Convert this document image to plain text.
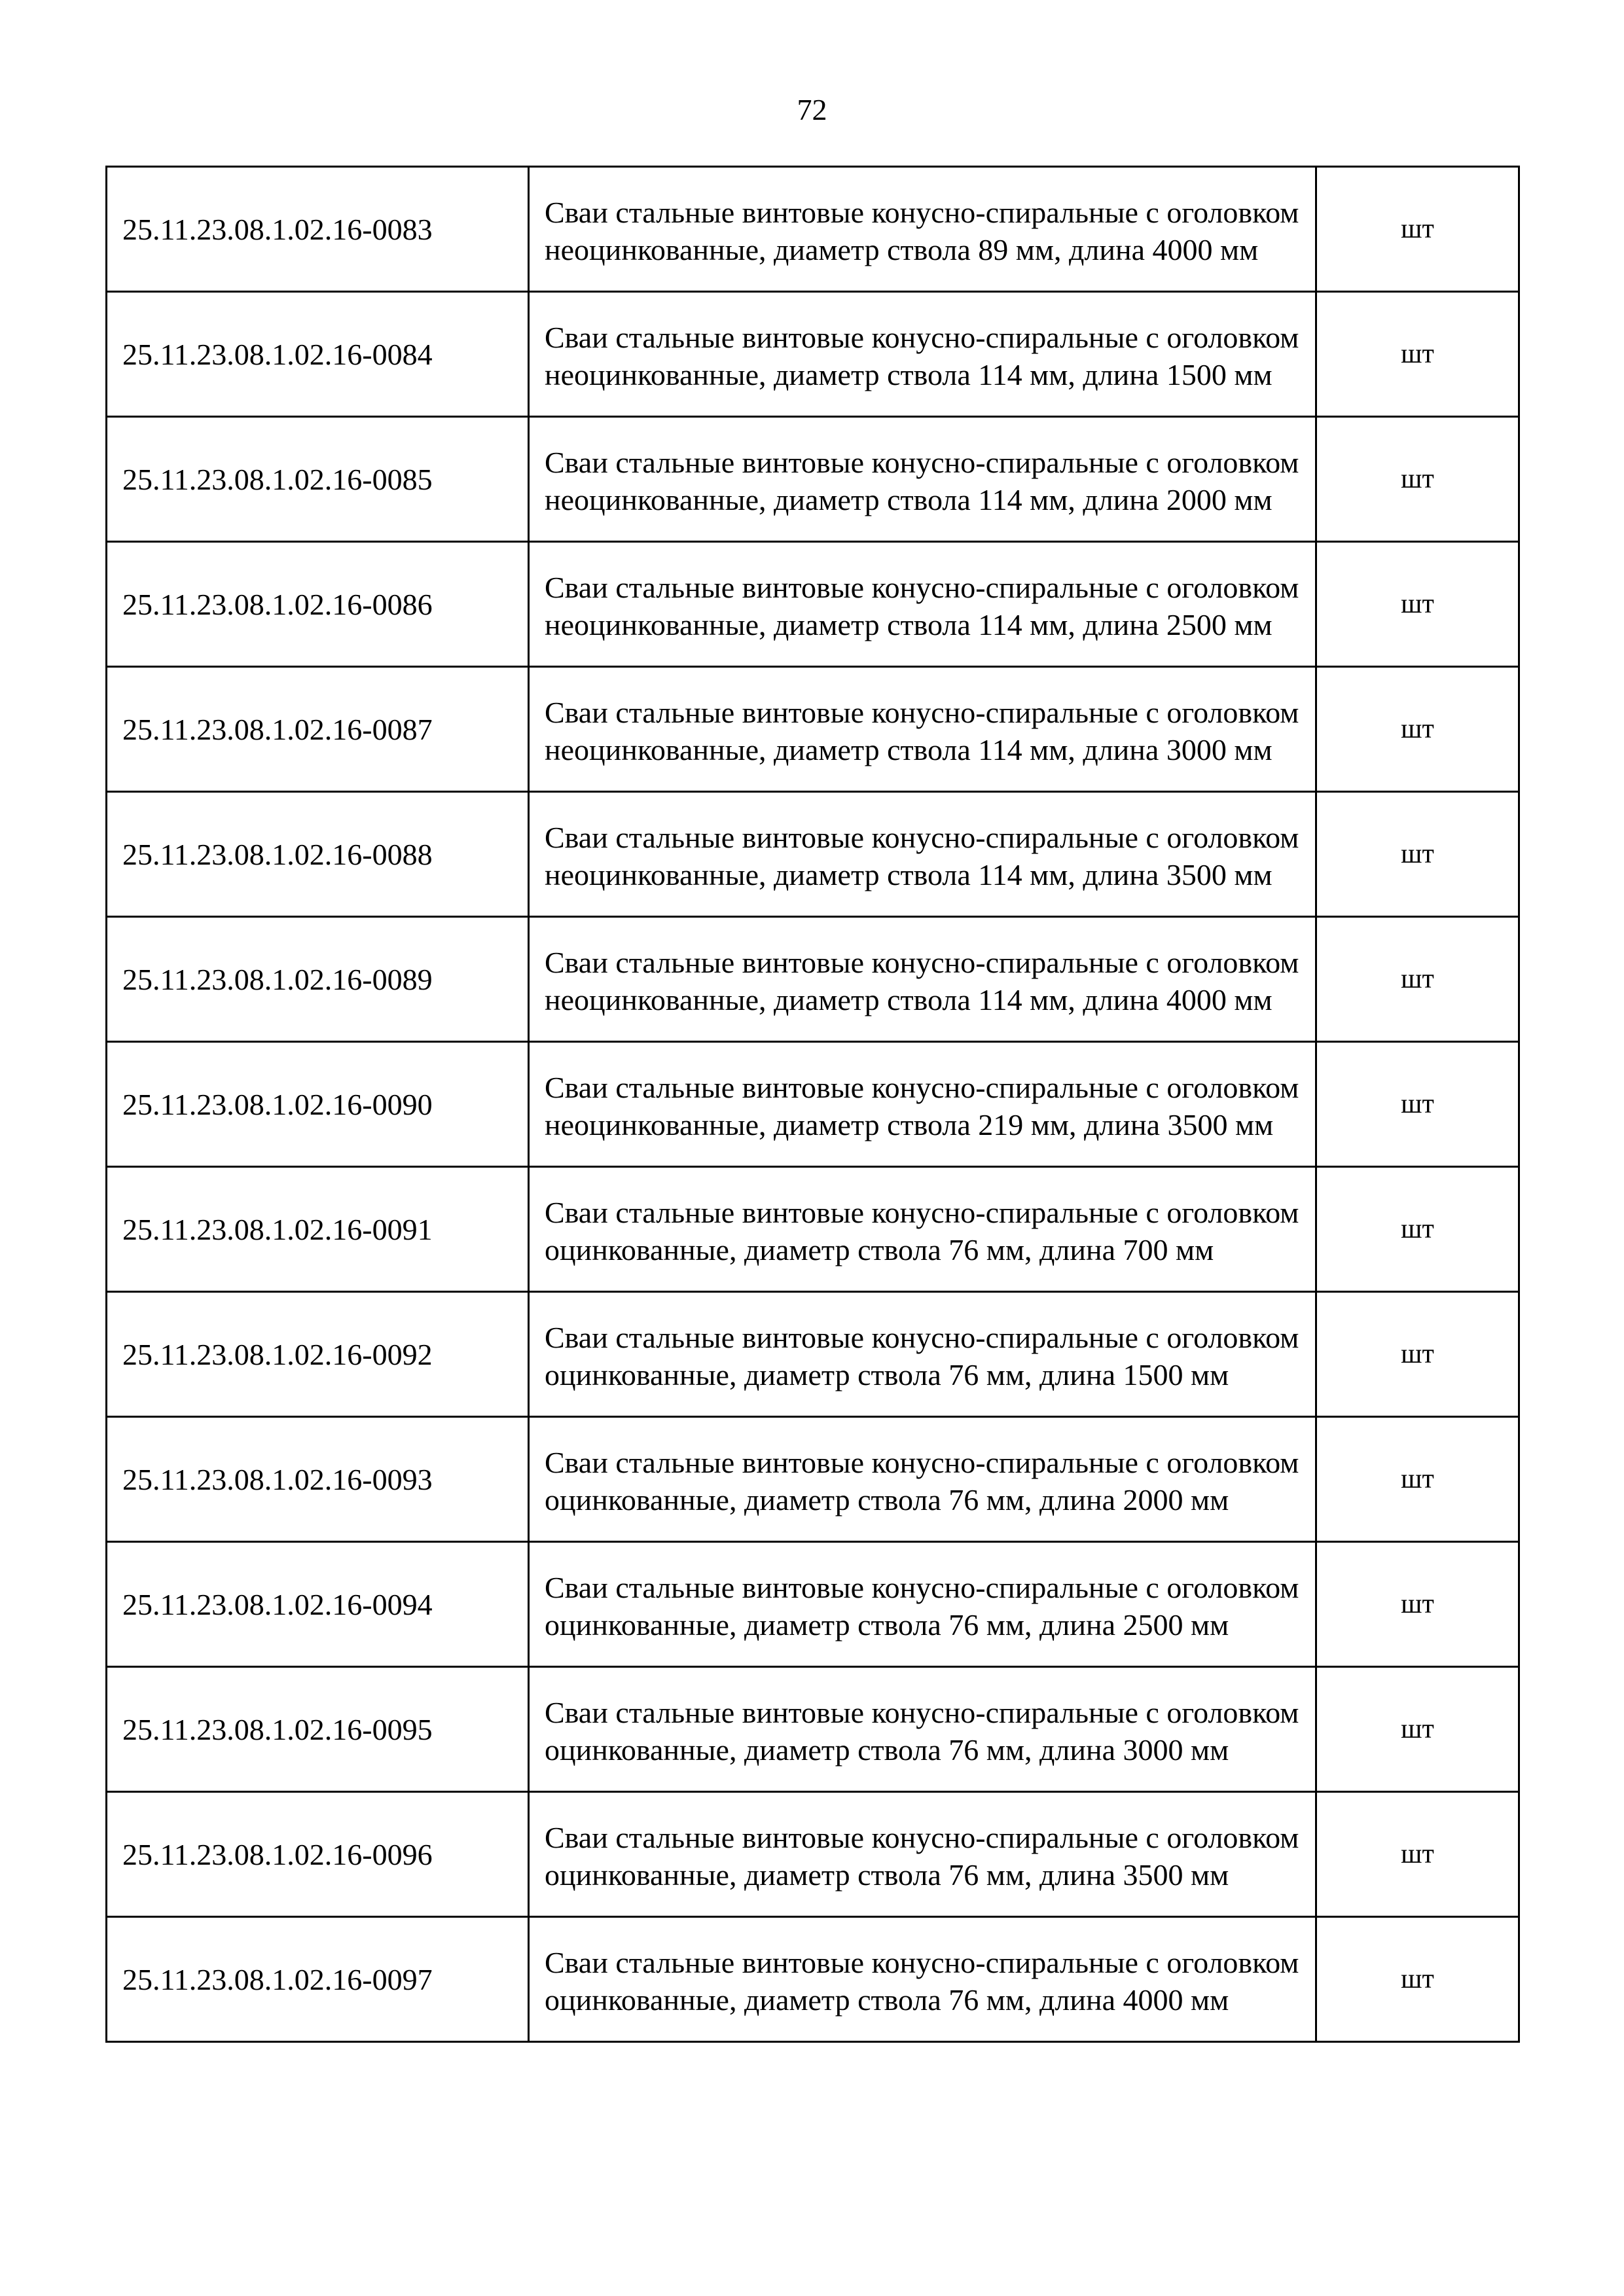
72
25.11.23.08.1.02.16-0083	Сваи стальные винтовые конусно-спиральные с оголовком неоцинкованные, диаметр ствола 89 мм, длина 4000 мм	шт
25.11.23.08.1.02.16-0084	Сваи стальные винтовые конусно-спиральные с оголовком неоцинкованные, диаметр ствола 114 мм, длина 1500 мм	шт
25.11.23.08.1.02.16-0085	Сваи стальные винтовые конусно-спиральные с оголовком неоцинкованные, диаметр ствола 114 мм, длина 2000 мм	шт
25.11.23.08.1.02.16-0086	Сваи стальные винтовые конусно-спиральные с оголовком неоцинкованные, диаметр ствола 114 мм, длина 2500 мм	шт
25.11.23.08.1.02.16-0087	Сваи стальные винтовые конусно-спиральные с оголовком неоцинкованные, диаметр ствола 114 мм, длина 3000 мм	шт
25.11.23.08.1.02.16-0088	Сваи стальные винтовые конусно-спиральные с оголовком неоцинкованные, диаметр ствола 114 мм, длина 3500 мм	шт
25.11.23.08.1.02.16-0089	Сваи стальные винтовые конусно-спиральные с оголовком неоцинкованные, диаметр ствола 114 мм, длина 4000 мм	шт
25.11.23.08.1.02.16-0090	Сваи стальные винтовые конусно-спиральные с оголовком неоцинкованные, диаметр ствола 219 мм, длина 3500 мм	шт
25.11.23.08.1.02.16-0091	Сваи стальные винтовые конусно-спиральные с оголовком оцинкованные, диаметр ствола 76 мм, длина 700 мм	шт
25.11.23.08.1.02.16-0092	Сваи стальные винтовые конусно-спиральные с оголовком оцинкованные, диаметр ствола 76 мм, длина 1500 мм	шт
25.11.23.08.1.02.16-0093	Сваи стальные винтовые конусно-спиральные с оголовком оцинкованные, диаметр ствола 76 мм, длина 2000 мм	шт
25.11.23.08.1.02.16-0094	Сваи стальные винтовые конусно-спиральные с оголовком оцинкованные, диаметр ствола 76 мм, длина 2500 мм	шт
25.11.23.08.1.02.16-0095	Сваи стальные винтовые конусно-спиральные с оголовком оцинкованные, диаметр ствола 76 мм, длина 3000 мм	шт
25.11.23.08.1.02.16-0096	Сваи стальные винтовые конусно-спиральные с оголовком оцинкованные, диаметр ствола 76 мм, длина 3500 мм	шт
25.11.23.08.1.02.16-0097	Сваи стальные винтовые конусно-спиральные с оголовком оцинкованные, диаметр ствола 76 мм, длина 4000 мм	шт
